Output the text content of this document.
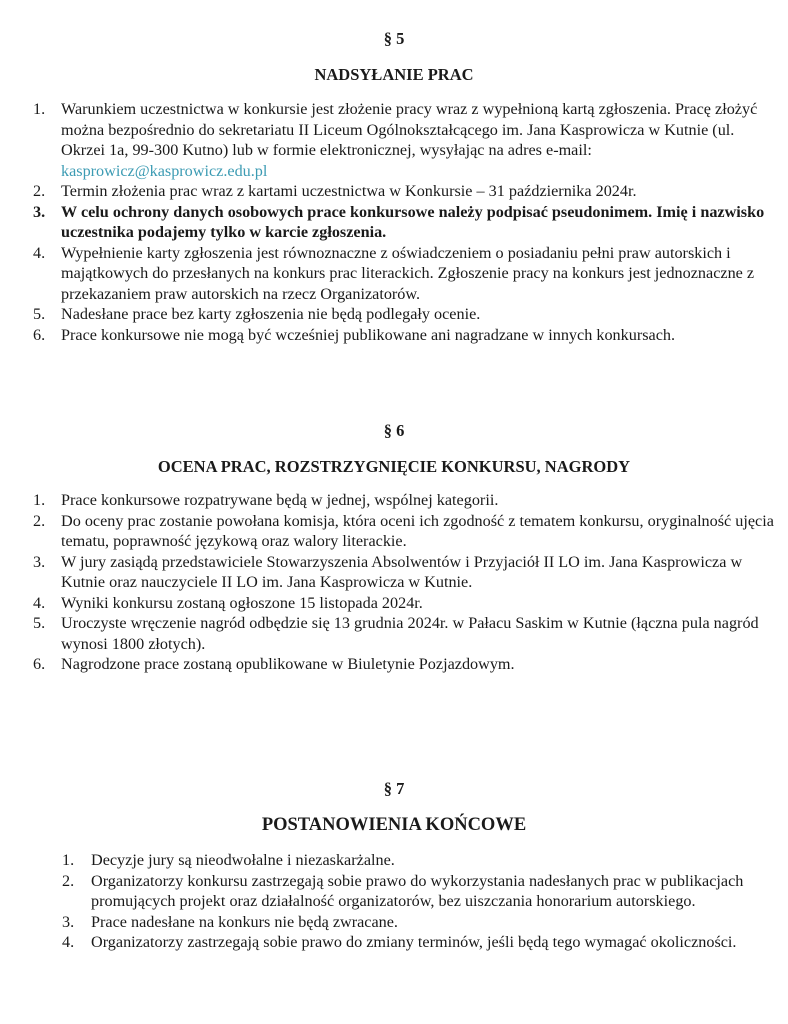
§ 5

NADSYŁANIE PRAC

1. Warunkiem uczestnictwa w konkursie jest złożenie pracy wraz z wypełnioną kartą zgłoszenia. Pracę złożyć można bezpośrednio do sekretariatu II Liceum Ogólnokształcącego im. Jana Kasprowicza w Kutnie (ul. Okrzei 1a, 99-300 Kutno) lub w formie elektronicznej, wysyłając na adres e-mail: kasprowicz@kasprowicz.edu.pl
2. Termin złożenia prac wraz z kartami uczestnictwa w Konkursie – 31 października 2024r.
3. W celu ochrony danych osobowych prace konkursowe należy podpisać pseudonimem. Imię i nazwisko uczestnika podajemy tylko w karcie zgłoszenia.
4. Wypełnienie karty zgłoszenia jest równoznaczne z oświadczeniem o posiadaniu pełni praw autorskich i majątkowych do przesłanych na konkurs prac literackich. Zgłoszenie pracy na konkurs jest jednoznaczne z przekazaniem praw autorskich na rzecz Organizatorów.
5. Nadesłane prace bez karty zgłoszenia nie będą podlegały ocenie.
6. Prace konkursowe nie mogą być wcześniej publikowane ani nagradzane w innych konkursach.

§ 6

OCENA PRAC, ROZSTRZYGNIĘCIE KONKURSU, NAGRODY

1. Prace konkursowe rozpatrywane będą w jednej, wspólnej kategorii.
2. Do oceny prac zostanie powołana komisja, która oceni ich zgodność z tematem konkursu, oryginalność ujęcia tematu, poprawność językową oraz walory literackie.
3. W jury zasiądą przedstawiciele Stowarzyszenia Absolwentów i Przyjaciół II LO im. Jana Kasprowicza w Kutnie oraz nauczyciele II LO im. Jana Kasprowicza w Kutnie.
4. Wyniki konkursu zostaną ogłoszone 15 listopada 2024r.
5. Uroczyste wręczenie nagród odbędzie się 13 grudnia 2024r. w Pałacu Saskim w Kutnie (łączna pula nagród wynosi 1800 złotych).
6. Nagrodzone prace zostaną opublikowane w Biuletynie Pozjazdowym.

§ 7

POSTANOWIENIA KOŃCOWE

1. Decyzje jury są nieodwołalne i niezaskarżalne.
2. Organizatorzy konkursu zastrzegają sobie prawo do wykorzystania nadesłanych prac w publikacjach promujących projekt oraz działalność organizatorów, bez uiszczania honorarium autorskiego.
3. Prace nadesłane na konkurs nie będą zwracane.
4. Organizatorzy zastrzegają sobie prawo do zmiany terminów, jeśli będą tego wymagać okoliczności.
